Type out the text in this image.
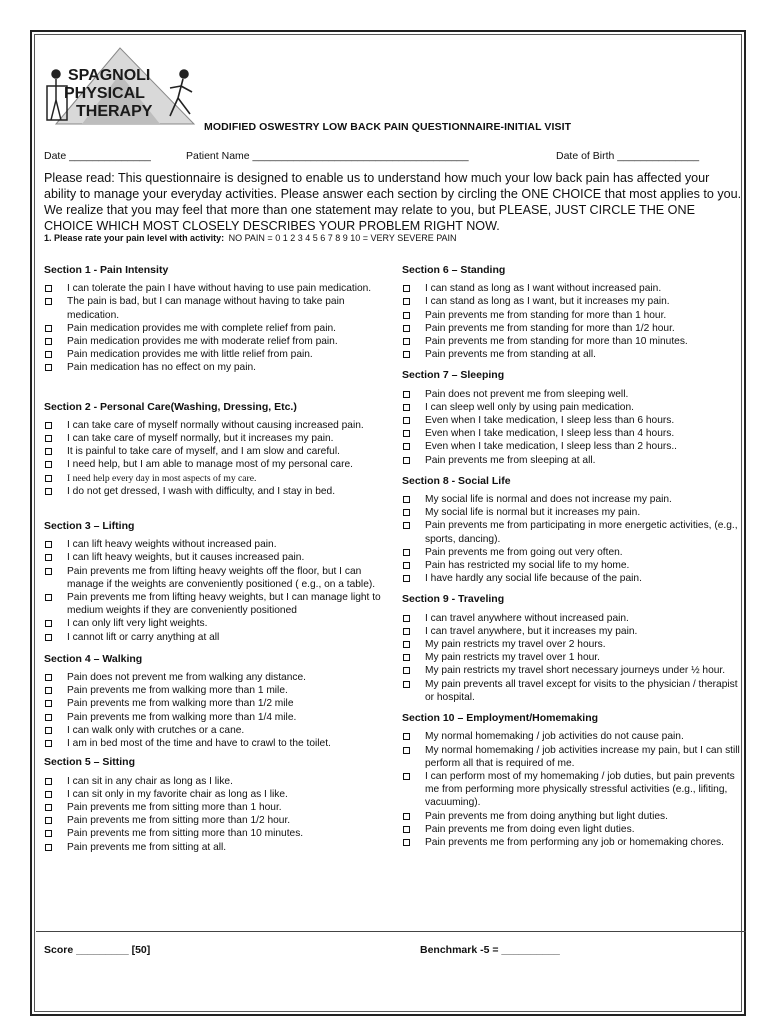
SPAGNOLI
PHYSICAL
THERAPY
MODIFIED OSWESTRY LOW BACK PAIN QUESTIONNAIRE-INITIAL VISIT
Date ______________	Patient Name _____________________________________	Date of Birth ______________

Please read: This questionnaire is designed to enable us to understand how much your low back pain has affected your

ability to manage your everyday activities. Please answer each section by circling the ONE CHOICE that most applies to you.

We realize that you may feel that more than one statement may relate to you, but PLEASE, JUST CIRCLE THE ONE

CHOICE WHICH MOST CLOSELY DESCRIBES YOUR PROBLEM RIGHT NOW.

1. Please rate your pain level with activity: NO PAIN = 0 1 2 3 4 5 6 7 8 9 10 = VERY SEVERE PAIN
Section 1 - Pain Intensity
I can tolerate the pain I have without having to use pain medication.
The pain is bad, but I can manage without having to take pain medication.
Pain medication provides me with complete relief from pain.
Pain medication provides me with moderate relief from pain.
Pain medication provides me with little relief from pain.
Pain medication has no effect on my pain.
Section 2 - Personal Care(Washing, Dressing, Etc.)
I can take care of myself normally without causing increased pain.
I can take care of myself normally, but it increases my pain.
It is painful to take care of myself, and I am slow and careful.
I need help, but I am able to manage most of my personal care.
I need help every day in most aspects of my care.
I do not get dressed, I wash with difficulty, and I stay in bed.
Section 3 – Lifting
I can lift heavy weights without increased pain.
I can lift heavy weights, but it causes increased pain.
Pain prevents me from lifting heavy weights off the floor, but I can manage if the weights are conveniently positioned ( e.g., on a table).
Pain prevents me from lifting heavy weights, but I can manage light to medium weights if they are conveniently positioned
I can only lift very light weights.
I cannot lift or carry anything at all
Section 4 – Walking
Pain does not prevent me from walking any distance.
Pain prevents me from walking more than 1 mile.
Pain prevents me from walking more than 1/2 mile
Pain prevents me from walking more than 1/4 mile.
I can walk only with crutches or a cane.
I am in bed most of the time and have to crawl to the toilet.
Section 5 – Sitting
I can sit in any chair as long as I like.
I can sit only in my favorite chair as long as I like.
Pain prevents me from sitting more than 1 hour.
Pain prevents me from sitting more than 1/2 hour.
Pain prevents me from sitting more than 10 minutes.
Pain prevents me from sitting at all.
Section 6 – Standing
I can stand as long as I want without increased pain.
I can stand as long as I want, but it increases my pain.
Pain prevents me from standing for more than 1 hour.
Pain prevents me from standing for more than 1/2 hour.
Pain prevents me from standing for more than 10 minutes.
Pain prevents me from standing at all.
Section 7 – Sleeping
Pain does not prevent me from sleeping well.
I can sleep well only by using pain medication.
Even when I take medication, I sleep less than 6 hours.
Even when I take medication, I sleep less than 4 hours.
Even when I take medication, I sleep less than 2 hours..
Pain prevents me from sleeping at all.
Section 8 - Social Life
My social life is normal and does not increase my pain.
My social life is normal but it increases my pain.
Pain prevents me from participating in more energetic activities, (e.g., sports, dancing).
Pain prevents me from going out very often.
Pain has restricted my social life to my home.
I have hardly any social life because of the pain.
Section 9 - Traveling
I can travel anywhere without increased pain.
I can travel anywhere, but it increases my pain.
My pain restricts my travel over 2 hours.
My pain restricts my travel over 1 hour.
My pain restricts my travel short necessary journeys under ½ hour.
My pain prevents all travel except for visits to the physician / therapist or hospital.
Section 10 – Employment/Homemaking
My normal homemaking / job activities do not cause pain.
My normal homemaking / job activities increase my pain, but I can still perform all that is required of me.
I can perform most of my homemaking / job duties, but pain prevents me from performing more physically stressful activities (e.g., lifiting, vacuuming).
Pain prevents me from doing anything but light duties.
Pain prevents me from doing even light duties.
Pain prevents me from performing any job or homemaking chores.
Score _________ [50]	Benchmark -5 = __________
